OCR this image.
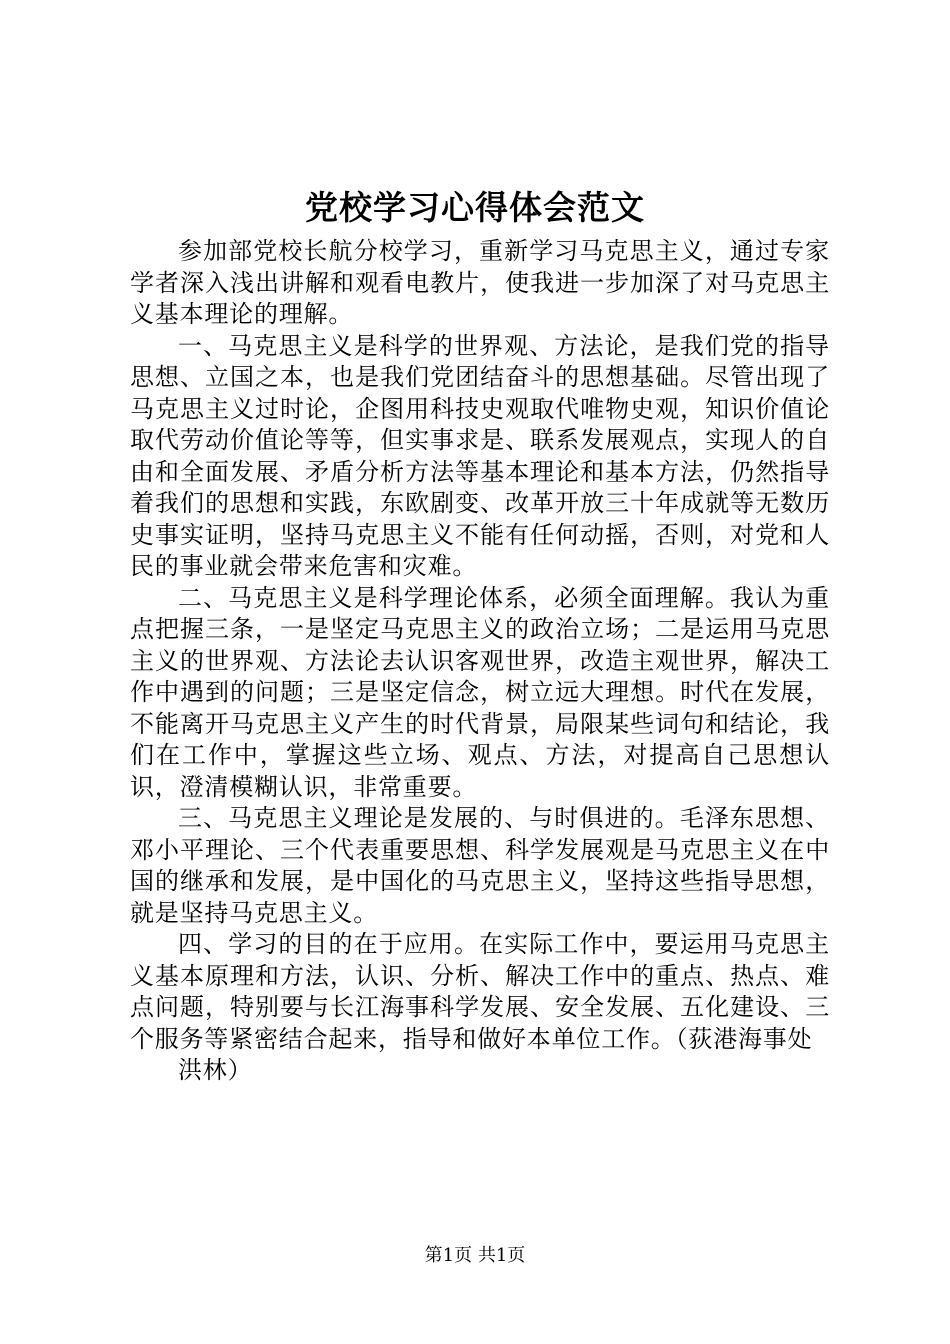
党校学习心得体会范文

参加部党校长航分校学习，重新学习马克思主义，通过专家学者深入浅出讲解和观看电教片，使我进一步加深了对马克思主义基本理论的理解。

一、马克思主义是科学的世界观、方法论，是我们党的指导思想、立国之本，也是我们党团结奋斗的思想基础。尽管出现了马克思主义过时论，企图用科技史观取代唯物史观，知识价值论取代劳动价值论等等，但实事求是、联系发展观点，实现人的自由和全面发展、矛盾分析方法等基本理论和基本方法，仍然指导着我们的思想和实践，东欧剧变、改革开放三十年成就等无数历史事实证明，坚持马克思主义不能有任何动摇，否则，对党和人民的事业就会带来危害和灾难。

二、马克思主义是科学理论体系，必须全面理解。我认为重点把握三条，一是坚定马克思主义的政治立场；二是运用马克思主义的世界观、方法论去认识客观世界，改造主观世界，解决工作中遇到的问题；三是坚定信念，树立远大理想。时代在发展，不能离开马克思主义产生的时代背景，局限某些词句和结论，我们在工作中，掌握这些立场、观点、方法，对提高自己思想认识，澄清模糊认识，非常重要。

三、马克思主义理论是发展的、与时俱进的。毛泽东思想、邓小平理论、三个代表重要思想、科学发展观是马克思主义在中国的继承和发展，是中国化的马克思主义，坚持这些指导思想，就是坚持马克思主义。

四、学习的目的在于应用。在实际工作中，要运用马克思主义基本原理和方法，认识、分析、解决工作中的重点、热点、难点问题，特别要与长江海事科学发展、安全发展、五化建设、三个服务等紧密结合起来，指导和做好本单位工作。（荻港海事处

洪林）

第1页 共1页
